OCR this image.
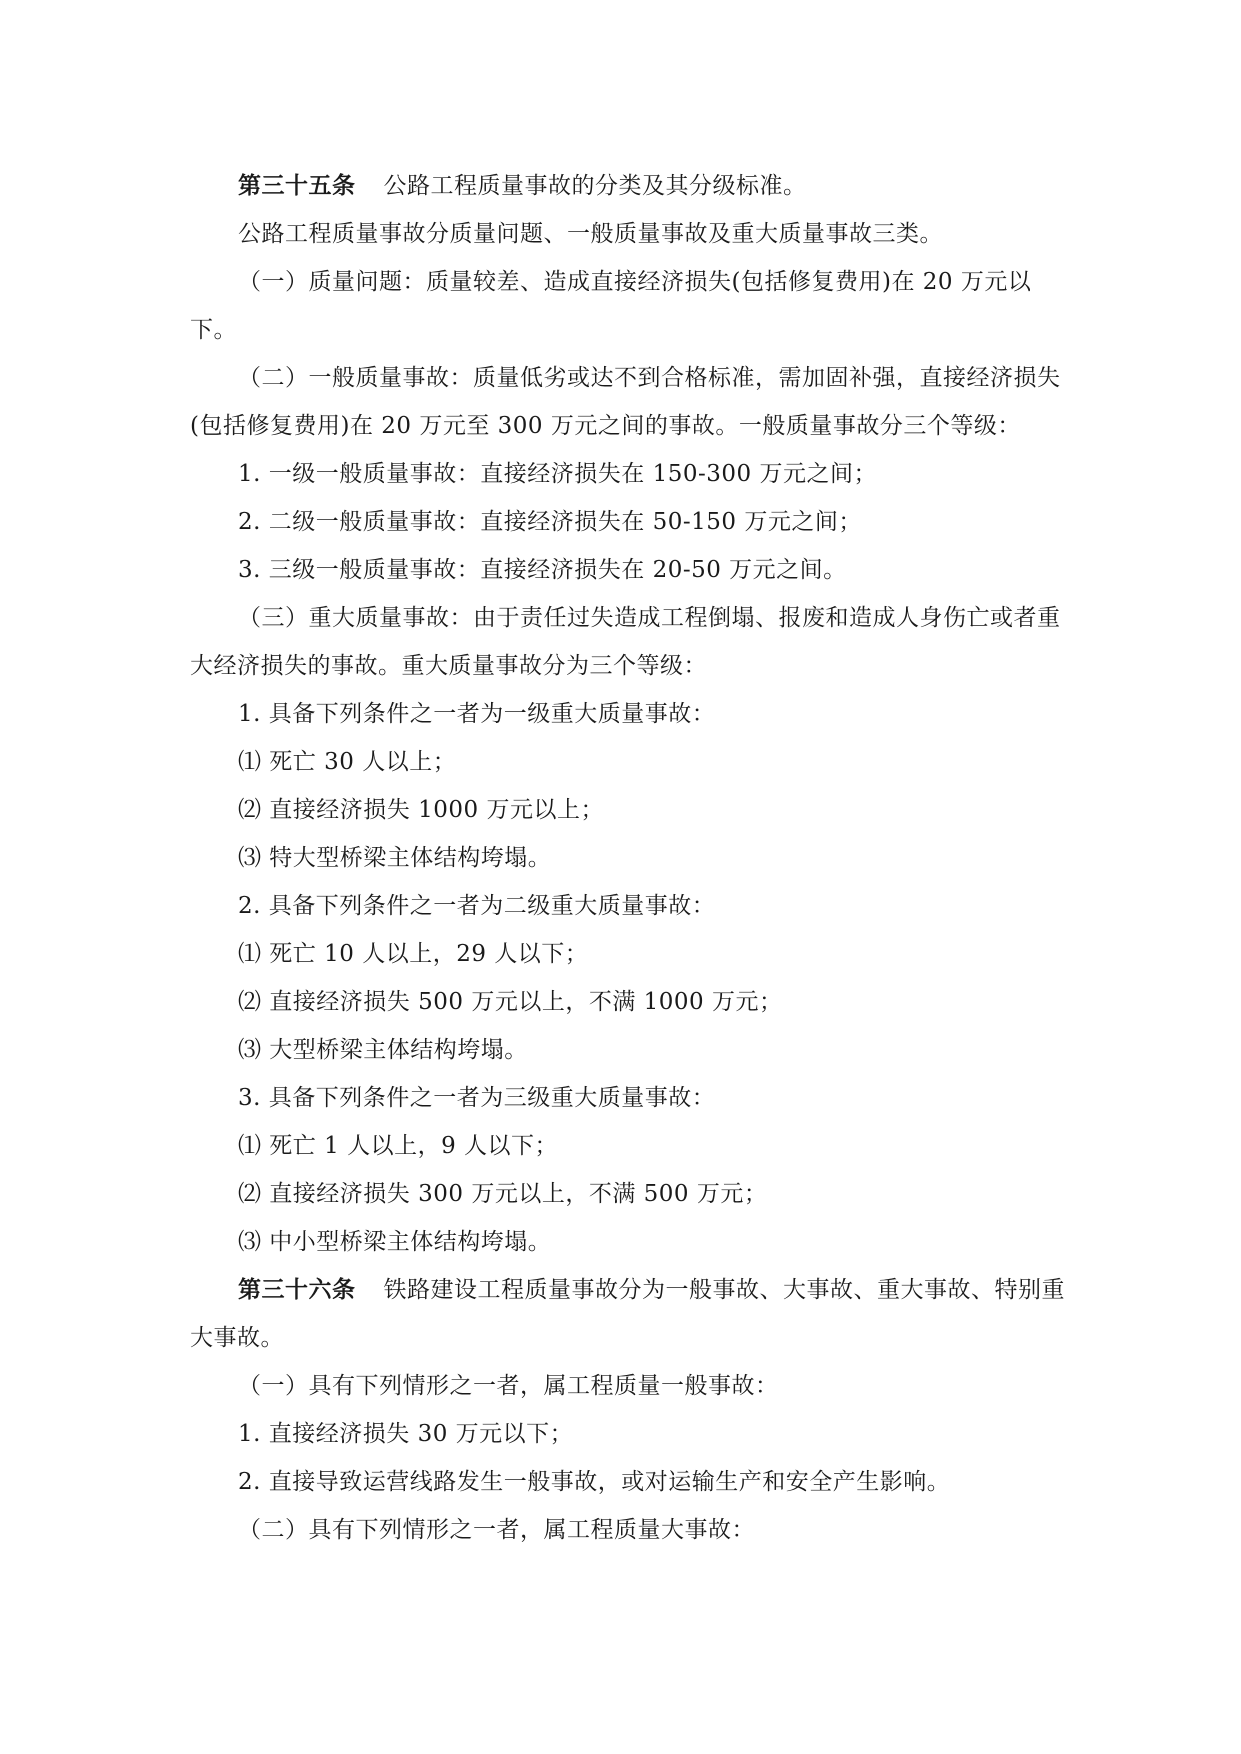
第三十五条 公路工程质量事故的分类及其分级标准。

公路工程质量事故分质量问题、一般质量事故及重大质量事故三类。

（一）质量问题：质量较差、造成直接经济损失(包括修复费用)在 20 万元以下。

（二）一般质量事故：质量低劣或达不到合格标准，需加固补强，直接经济损失(包括修复费用)在 20 万元至 300 万元之间的事故。一般质量事故分三个等级：

1. 一级一般质量事故：直接经济损失在 150-300 万元之间；

2. 二级一般质量事故：直接经济损失在 50-150 万元之间；

3. 三级一般质量事故：直接经济损失在 20-50 万元之间。

（三）重大质量事故：由于责任过失造成工程倒塌、报废和造成人身伤亡或者重大经济损失的事故。重大质量事故分为三个等级：

1. 具备下列条件之一者为一级重大质量事故：

⑴ 死亡 30 人以上；

⑵ 直接经济损失 1000 万元以上；

⑶ 特大型桥梁主体结构垮塌。

2. 具备下列条件之一者为二级重大质量事故：

⑴ 死亡 10 人以上，29 人以下；

⑵ 直接经济损失 500 万元以上，不满 1000 万元；

⑶ 大型桥梁主体结构垮塌。

3. 具备下列条件之一者为三级重大质量事故：

⑴ 死亡 1 人以上，9 人以下；

⑵ 直接经济损失 300 万元以上，不满 500 万元；

⑶ 中小型桥梁主体结构垮塌。

第三十六条 铁路建设工程质量事故分为一般事故、大事故、重大事故、特别重大事故。

（一）具有下列情形之一者，属工程质量一般事故：

1. 直接经济损失 30 万元以下；

2. 直接导致运营线路发生一般事故，或对运输生产和安全产生影响。

（二）具有下列情形之一者，属工程质量大事故：
